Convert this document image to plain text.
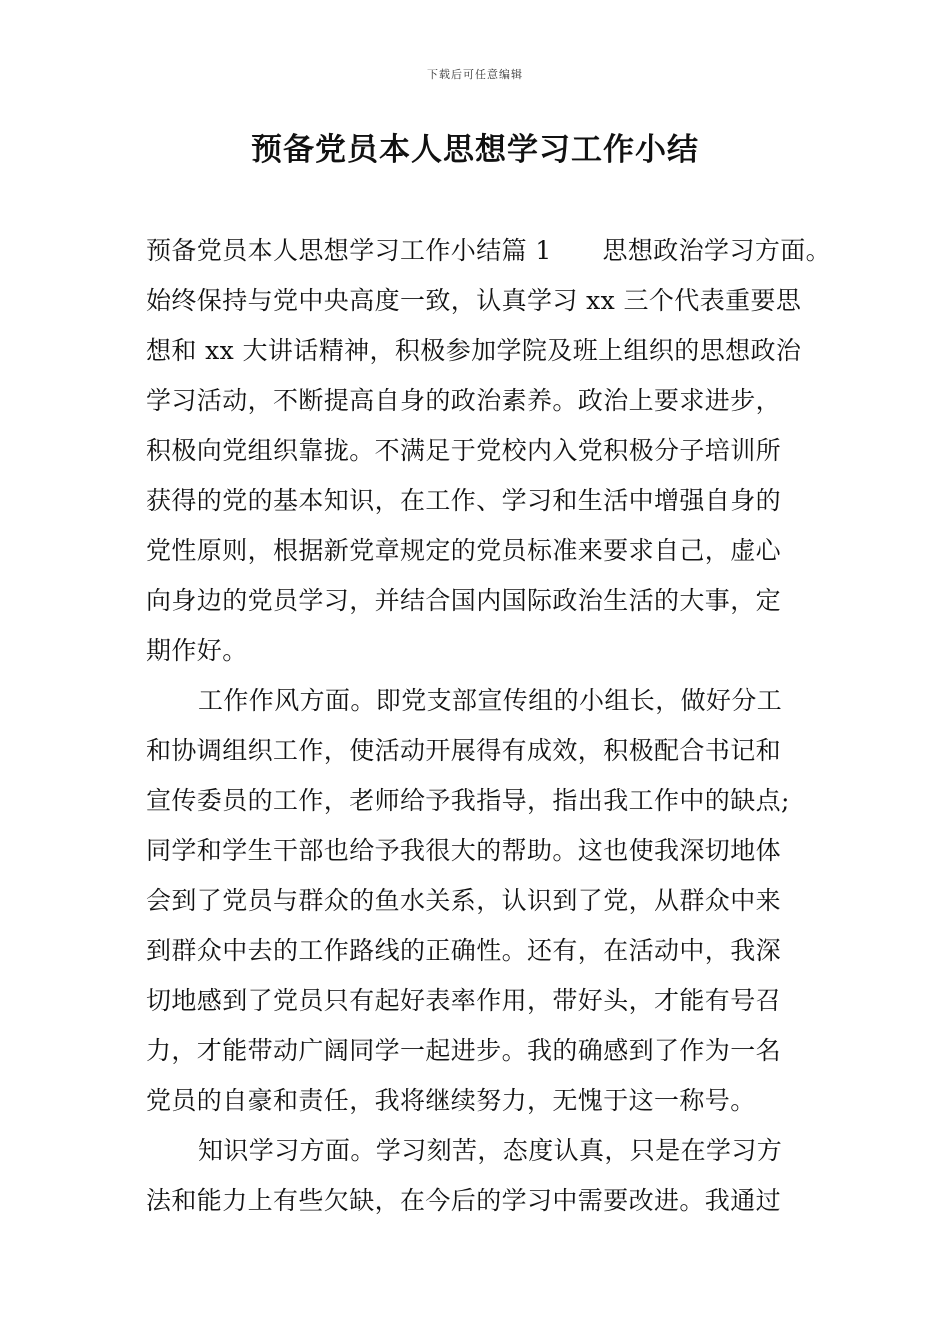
下载后可任意编辑
预备党员本人思想学习工作小结
预备党员本人思想学习工作小结篇 1　　思想政治学习方面。
始终保持与党中央高度一致，认真学习 xx 三个代表重要思
想和 xx 大讲话精神，积极参加学院及班上组织的思想政治
学习活动，不断提高自身的政治素养。政治上要求进步，
积极向党组织靠拢。不满足于党校内入党积极分子培训所
获得的党的基本知识，在工作、学习和生活中增强自身的
党性原则，根据新党章规定的党员标准来要求自己，虚心
向身边的党员学习，并结合国内国际政治生活的大事，定
期作好。
工作作风方面。即党支部宣传组的小组长，做好分工
和协调组织工作，使活动开展得有成效，积极配合书记和
宣传委员的工作，老师给予我指导，指出我工作中的缺点;
同学和学生干部也给予我很大的帮助。这也使我深切地体
会到了党员与群众的鱼水关系，认识到了党，从群众中来
到群众中去的工作路线的正确性。还有，在活动中，我深
切地感到了党员只有起好表率作用，带好头，才能有号召
力，才能带动广阔同学一起进步。我的确感到了作为一名
党员的自豪和责任，我将继续努力，无愧于这一称号。
知识学习方面。学习刻苦，态度认真，只是在学习方
法和能力上有些欠缺，在今后的学习中需要改进。我通过
